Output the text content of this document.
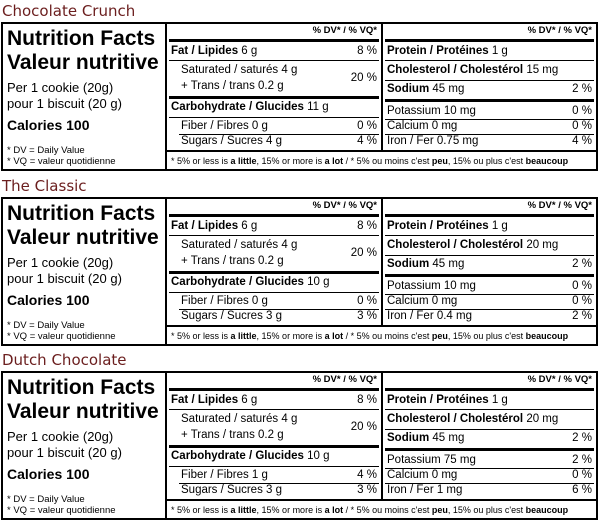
Chocolate Crunch
Nutrition Facts
Valeur nutritive
Per 1 cookie (20g)
pour 1 biscuit (20 g)
Calories 100
* DV = Daily Value
* VQ = valeur quotidienne
% DV* / % VQ*
Fat / Lipides 6 g	8 %
Saturated / saturés 4 g
+ Trans / trans 0.2 g
20 %
Carbohydrate / Glucides 11 g
Fiber / Fibres 0 g	0 %
Sugars / Sucres 4 g	4 %
% DV* / % VQ*
Protein / Protéines 1 g
Cholesterol / Cholestérol 15 mg
Sodium 45 mg	2 %
Potassium 10 mg	0 %
Calcium 0 mg	0 %
Iron / Fer 0.75 mg	4 %
* 5% or less is a little, 15% or more is a lot / * 5% ou moins c'est peu, 15% ou plus c'est beaucoup
The Classic
Nutrition Facts
Valeur nutritive
Per 1 cookie (20g)
pour 1 biscuit (20 g)
Calories 100
* DV = Daily Value
* VQ = valeur quotidienne
% DV* / % VQ*
Fat / Lipides 6 g	8 %
Saturated / saturés 4 g
+ Trans / trans 0.2 g
20 %
Carbohydrate / Glucides 10 g
Fiber / Fibres 0 g	0 %
Sugars / Sucres 3 g	3 %
% DV* / % VQ*
Protein / Protéines 1 g
Cholesterol / Cholestérol 20 mg
Sodium 45 mg	2 %
Potassium 10 mg	0 %
Calcium 0 mg	0 %
Iron / Fer 0.4 mg	2 %
* 5% or less is a little, 15% or more is a lot / * 5% ou moins c'est peu, 15% ou plus c'est beaucoup
Dutch Chocolate
Nutrition Facts
Valeur nutritive
Per 1 cookie (20g)
pour 1 biscuit (20 g)
Calories 100
* DV = Daily Value
* VQ = valeur quotidienne
% DV* / % VQ*
Fat / Lipides 6 g	8 %
Saturated / saturés 4 g
+ Trans / trans 0.2 g
20 %
Carbohydrate / Glucides 10 g
Fiber / Fibres 1 g	4 %
Sugars / Sucres 3 g	3 %
% DV* / % VQ*
Protein / Protéines 1 g
Cholesterol / Cholestérol 20 mg
Sodium 45 mg	2 %
Potassium 75 mg	2 %
Calcium 0 mg	0 %
Iron / Fer 1 mg	6 %
* 5% or less is a little, 15% or more is a lot / * 5% ou moins c'est peu, 15% ou plus c'est beaucoup
